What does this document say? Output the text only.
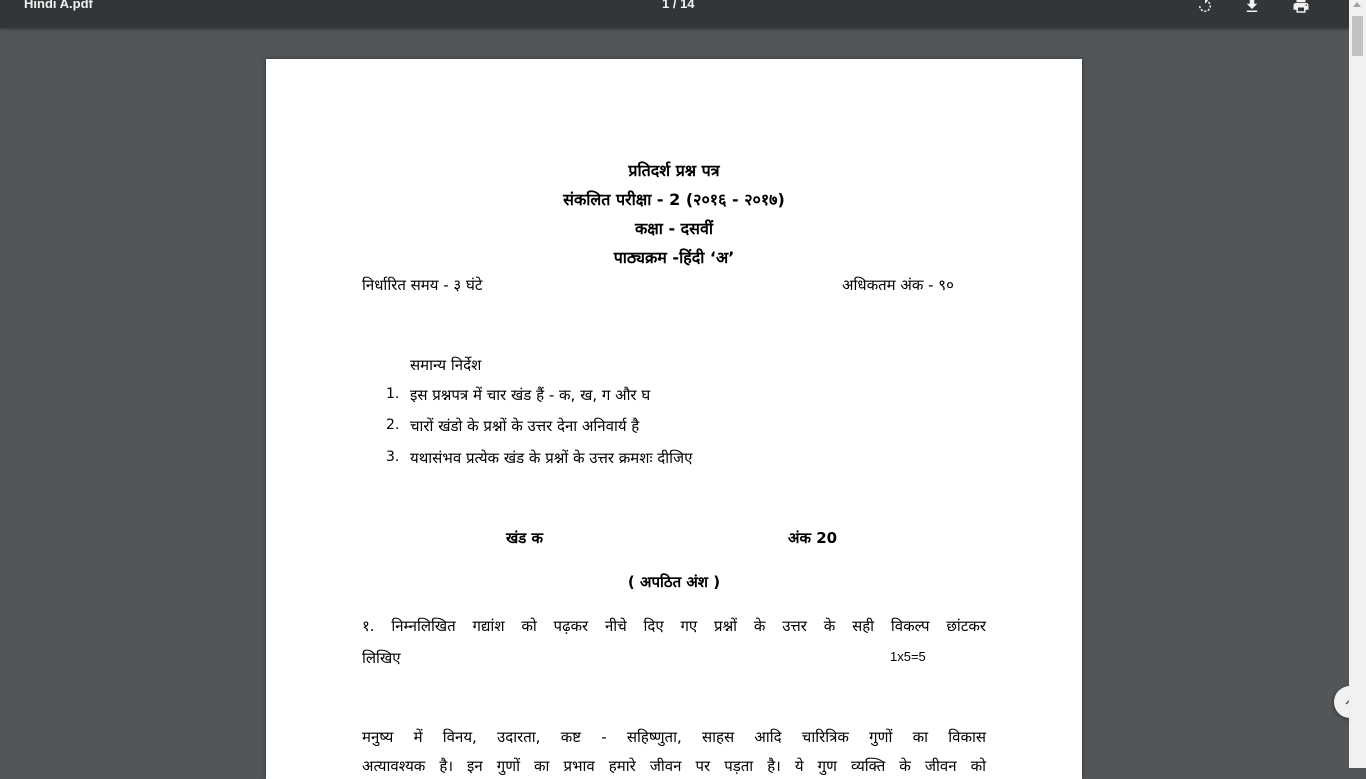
Hindi A.pdf	1 / 14
प्रतिदर्श प्रश्न पत्र
संकलित परीक्षा - 2 (२०१६ - २०१७)
कक्षा - दसवीं
पाठ्यक्रम -हिंदी ‘अ’
निर्धारित समय - ३ घंटे	अधिकतम अंक - ९०
समान्य निर्देश
1. इस प्रश्नपत्र में चार खंड हैं - क, ख, ग और घ
2. चारों खंडो के प्रश्नों के उत्तर देना अनिवार्य है
3. यथासंभव प्रत्येक खंड के प्रश्नों के उत्तर क्रमशः दीजिए
खंड क	अंक 20
( अपठित अंश )
१. निम्नलिखित गद्यांश को पढ़कर नीचे दिए गए प्रश्नों के उत्तर के सही विकल्प छांटकर
लिखिए	1x5=5
मनुष्य में विनय, उदारता, कष्ट - सहिष्णुता, साहस आदि चारित्रिक गुणों का विकास
अत्यावश्यक है। इन गुणों का प्रभाव हमारे जीवन पर पड़ता है। ये गुण व्यक्ति के जीवन को
